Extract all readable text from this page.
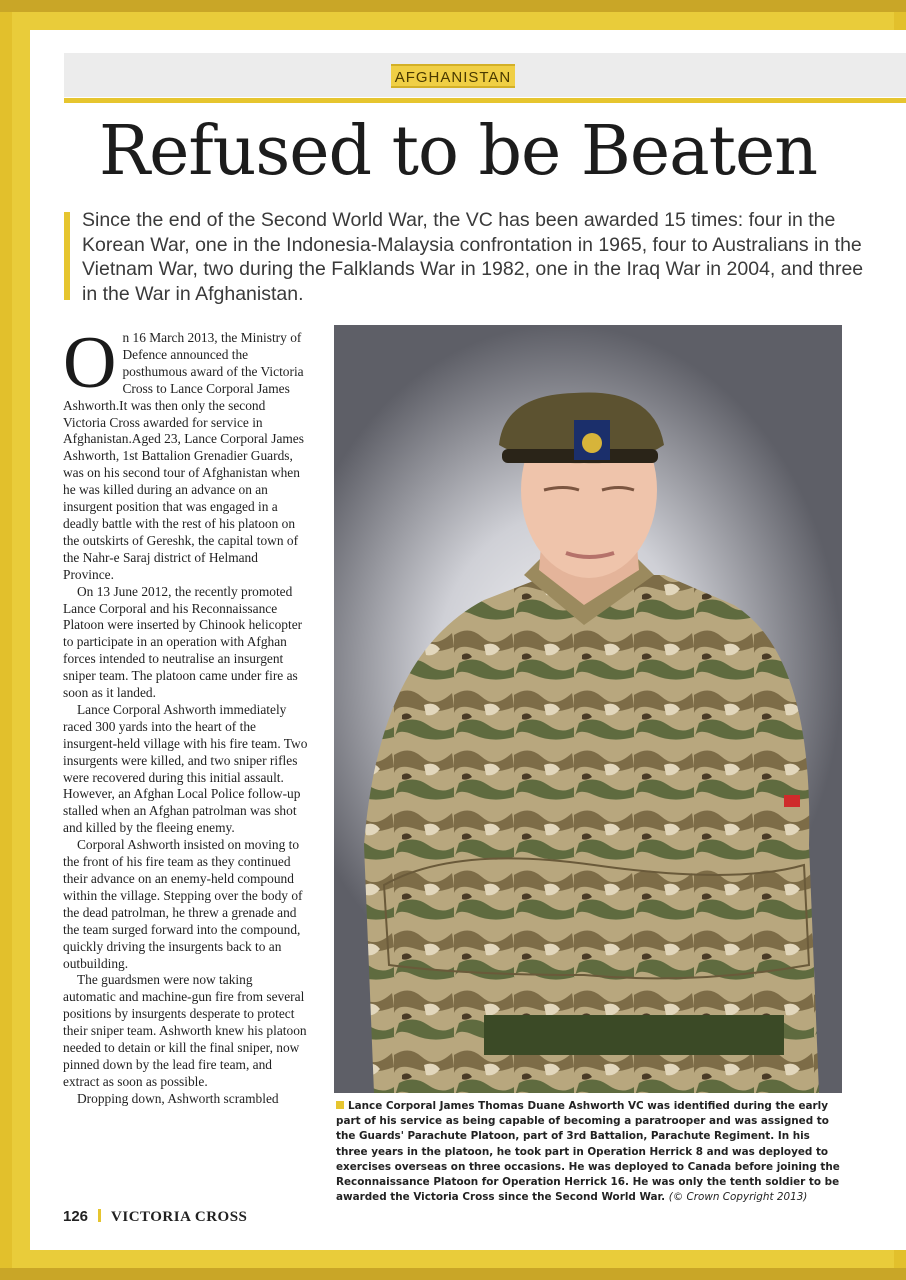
AFGHANISTAN
Refused to be Beaten

Since the end of the Second World War, the VC has been awarded 15 times: four in the Korean War, one in the Indonesia-Malaysia confrontation in 1965, four to Australians in the Vietnam War, two during the Falklands War in 1982, one in the Iraq War in 2004, and three in the War in Afghanistan.

On 16 March 2013, the Ministry of Defence announced the posthumous award of the Victoria Cross to Lance Corporal James Ashworth.It was then only the second Victoria Cross awarded for service in Afghanistan.Aged 23, Lance Corporal James Ashworth, 1st Battalion Grenadier Guards, was on his second tour of Afghanistan when he was killed during an advance on an insurgent position that was engaged in a deadly battle with the rest of his platoon on the outskirts of Gereshk, the capital town of the Nahr-e Saraj district of Helmand Province.

On 13 June 2012, the recently promoted Lance Corporal and his Reconnaissance Platoon were inserted by Chinook helicopter to participate in an operation with Afghan forces intended to neutralise an insurgent sniper team. The platoon came under fire as soon as it landed.

Lance Corporal Ashworth immediately raced 300 yards into the heart of the insurgent-held village with his fire team. Two insurgents were killed, and two sniper rifles were recovered during this initial assault. However, an Afghan Local Police follow-up stalled when an Afghan patrolman was shot and killed by the fleeing enemy.

Corporal Ashworth insisted on moving to the front of his fire team as they continued their advance on an enemy-held compound within the village. Stepping over the body of the dead patrolman, he threw a grenade and the team surged forward into the compound, quickly driving the insurgents back to an outbuilding.

The guardsmen were now taking automatic and machine-gun fire from several positions by insurgents desperate to protect their sniper team. Ashworth knew his platoon needed to detain or kill the final sniper, now pinned down by the lead fire team, and extract as soon as possible.

Dropping down, Ashworth scrambled

Lance Corporal James Thomas Duane Ashworth VC was identified during the early part of his service as being capable of becoming a paratrooper and was assigned to the Guards' Parachute Platoon, part of 3rd Battalion, Parachute Regiment. In his three years in the platoon, he took part in Operation Herrick 8 and was deployed to exercises overseas on three occasions. He was deployed to Canada before joining the Reconnaissance Platoon for Operation Herrick 16. He was only the tenth soldier to be awarded the Victoria Cross since the Second World War. (© Crown Copyright 2013)

126 VICTORIA CROSS
